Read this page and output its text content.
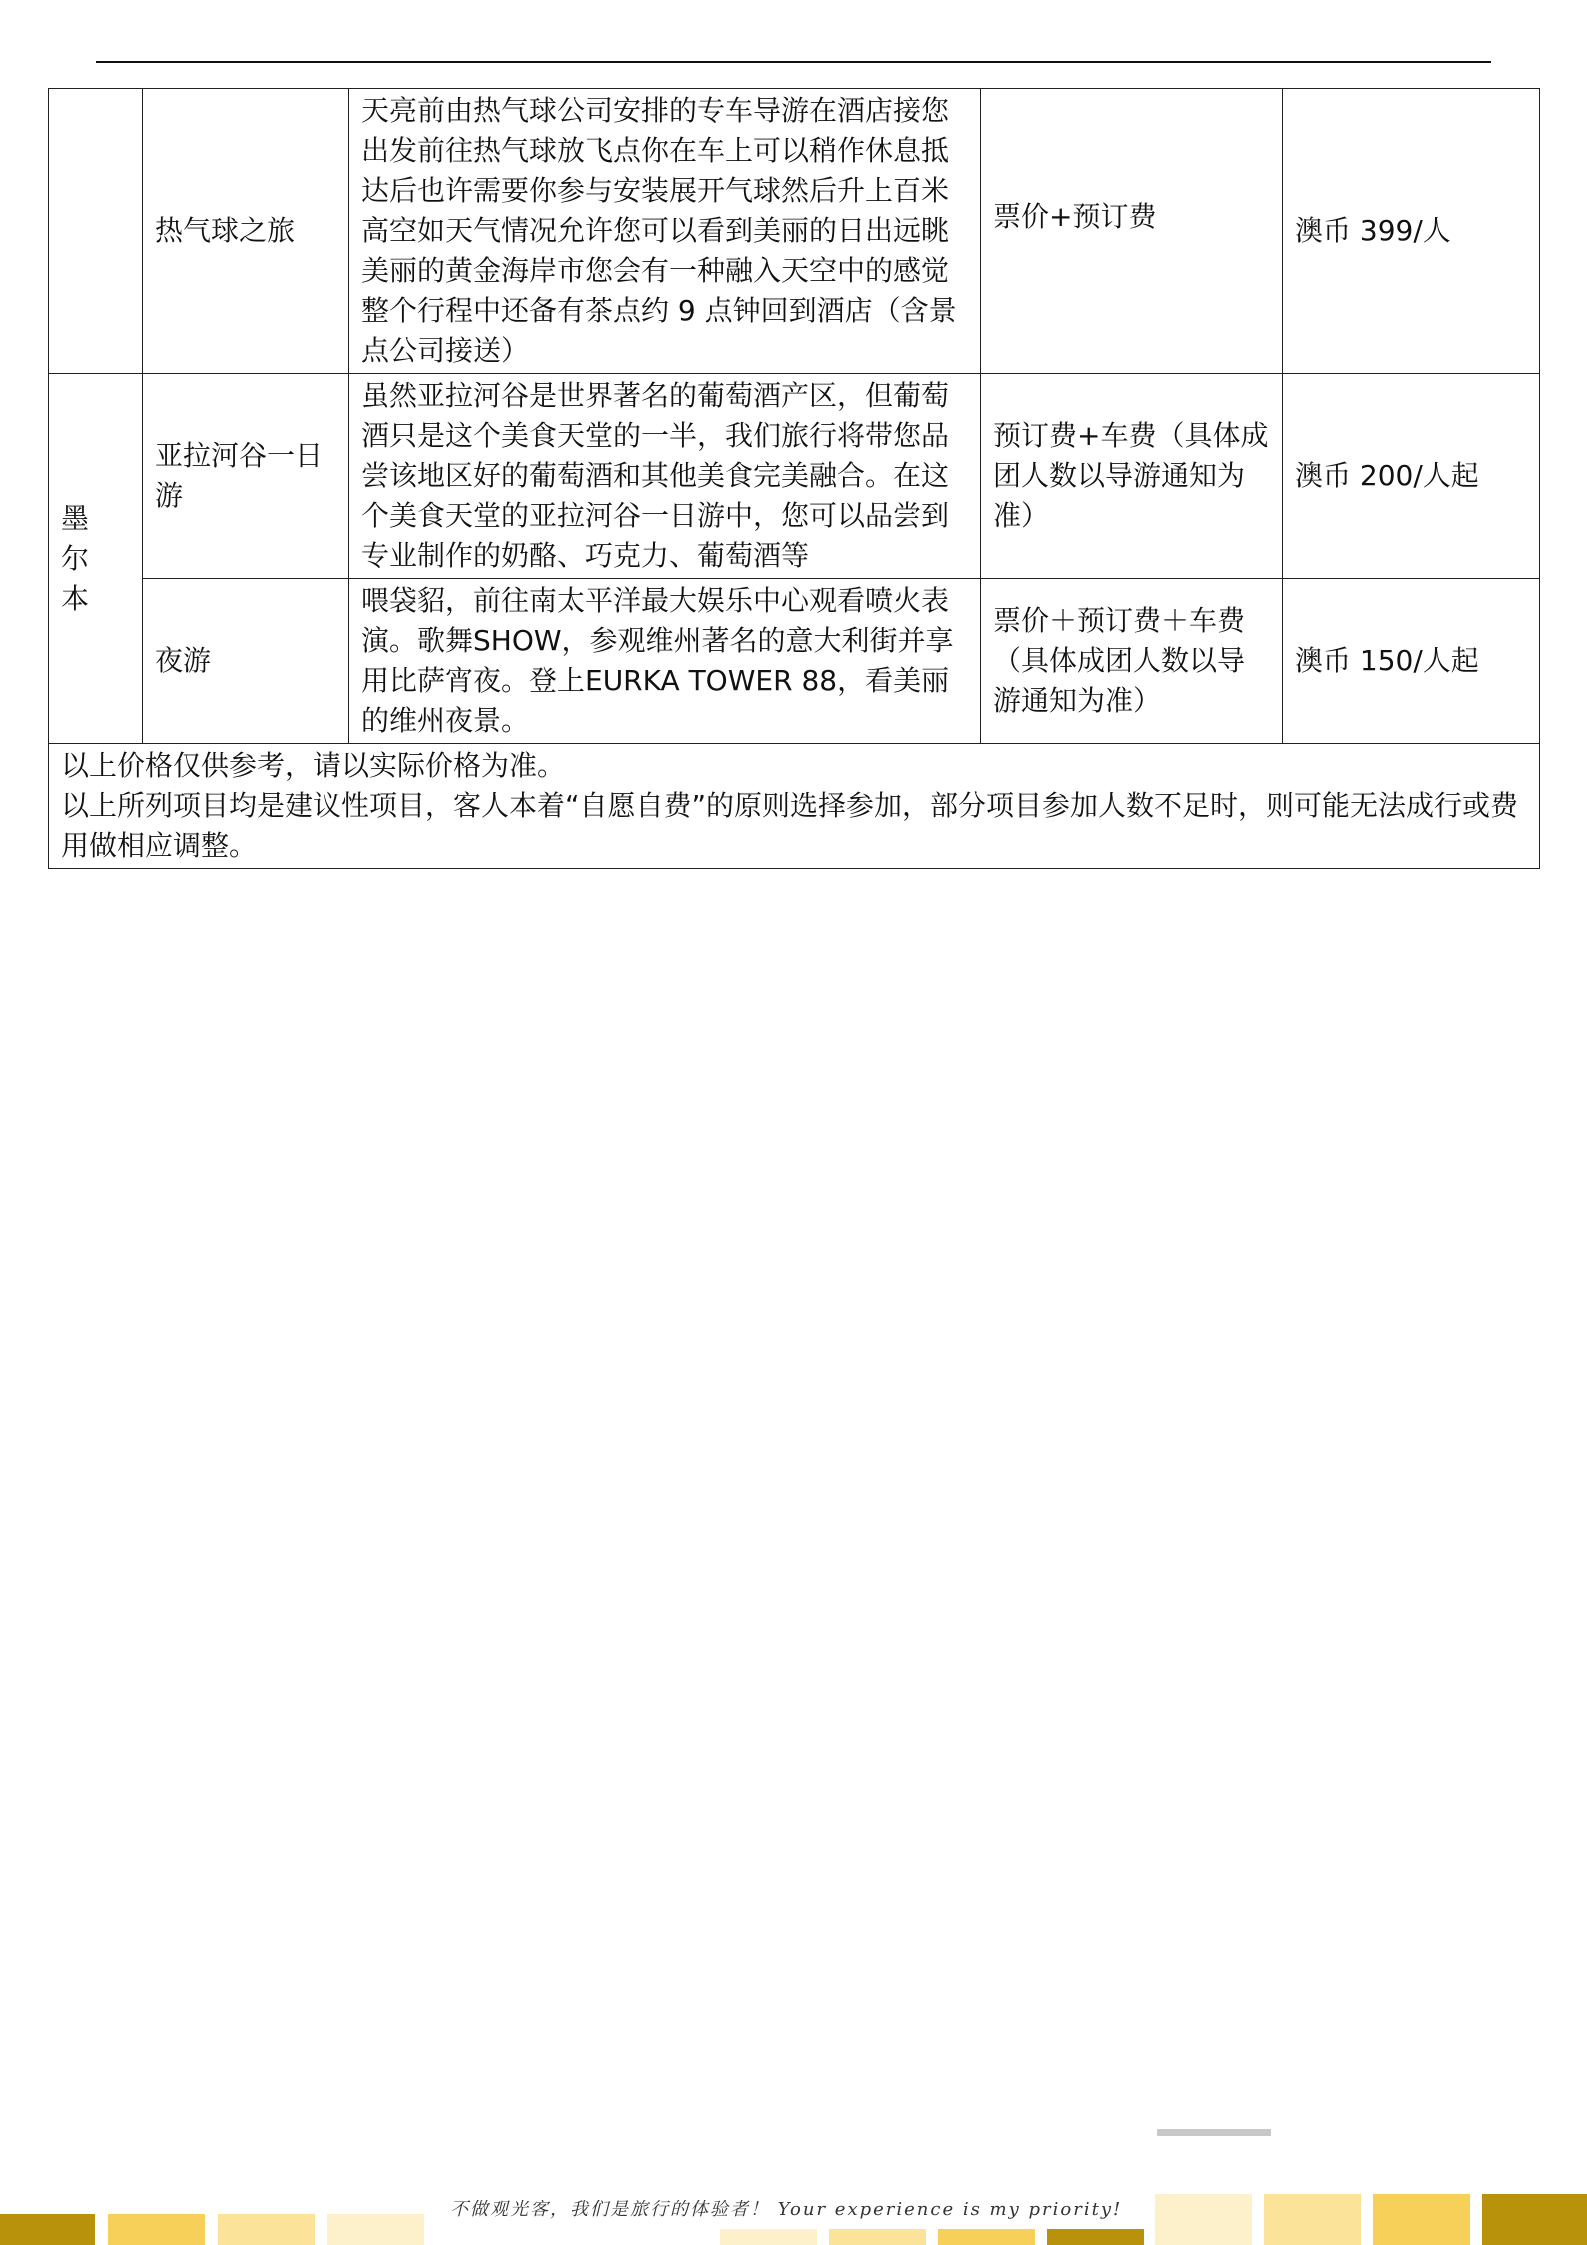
	热气球之旅	天亮前由热气球公司安排的专车导游在酒店接您出发前往热气球放飞点你在车上可以稍作休息抵达后也许需要你参与安装展开气球然后升上百米高空如天气情况允许您可以看到美丽的日出远眺美丽的黄金海岸市您会有一种融入天空中的感觉整个行程中还备有茶点约 9 点钟回到酒店（含景点公司接送）	票价+预订费	澳币 399/人
墨尔本	亚拉河谷一日游	虽然亚拉河谷是世界著名的葡萄酒产区，但葡萄酒只是这个美食天堂的一半，我们旅行将带您品尝该地区好的葡萄酒和其他美食完美融合。在这个美食天堂的亚拉河谷一日游中，您可以品尝到专业制作的奶酪、巧克力、葡萄酒等	预订费+车费（具体成团人数以导游通知为准）	澳币 200/人起
	夜游	喂袋貂，前往南太平洋最大娱乐中心观看喷火表演。歌舞SHOW，参观维州著名的意大利街并享用比萨宵夜。登上EURKA TOWER 88，看美丽的维州夜景。	票价＋预订费＋车费（具体成团人数以导游通知为准）	澳币 150/人起

以上价格仅供参考，请以实际价格为准。
以上所列项目均是建议性项目，客人本着“自愿自费”的原则选择参加，部分项目参加人数不足时，则可能无法成行或费用做相应调整。				
不做观光客，我们是旅行的体验者！ Your experience is my priority!
